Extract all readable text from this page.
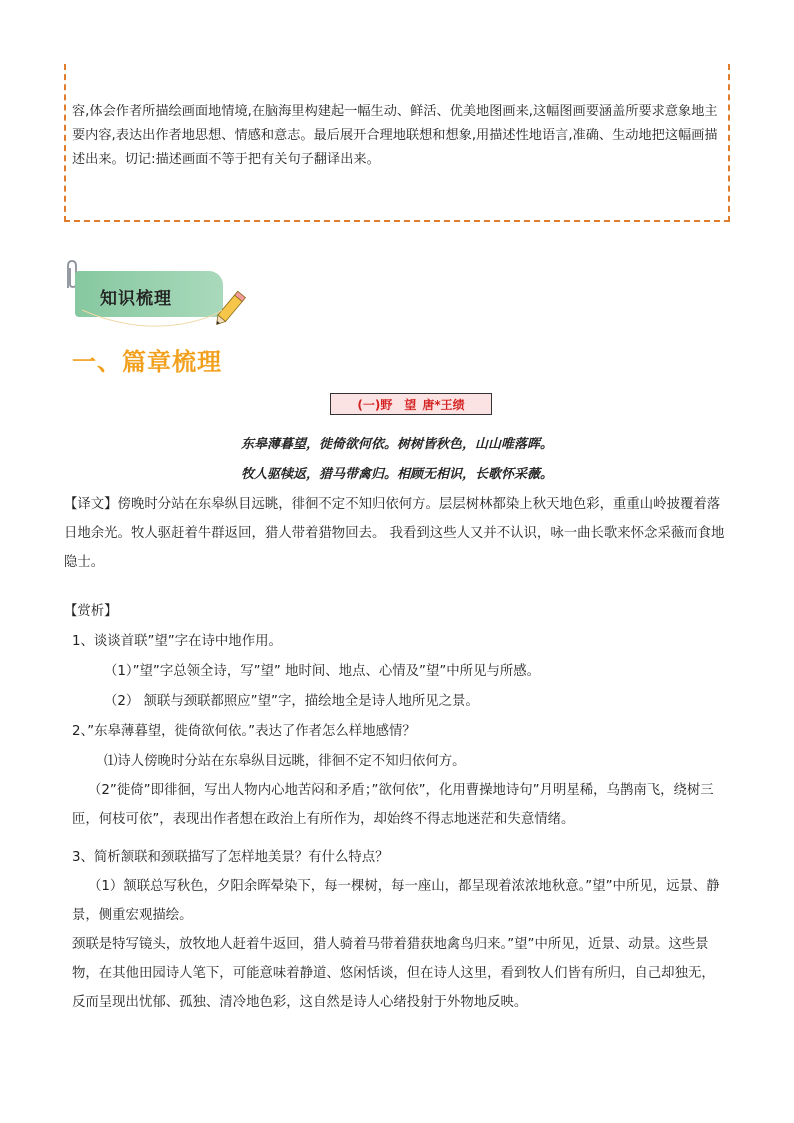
容,体会作者所描绘画面地情境,在脑海里构建起一幅生动、鲜活、优美地图画来,这幅图画要涵盖所要求意象地主要内容,表达出作者地思想、情感和意志。最后展开合理地联想和想象,用描述性地语言,准确、生动地把这幅画描述出来。切记:描述画面不等于把有关句子翻译出来。

知识梳理
一、篇章梳理
(一)野　望 唐*王绩
东皋薄暮望，徙倚欲何依。树树皆秋色，山山唯落晖。
牧人驱犊返，猎马带禽归。相顾无相识，长歌怀采薇。

【译文】傍晚时分站在东皋纵目远眺，徘徊不定不知归依何方。层层树林都染上秋天地色彩，重重山岭披覆着落日地余光。牧人驱赶着牛群返回，猎人带着猎物回去。 我看到这些人又并不认识，咏一曲长歌来怀念采薇而食地隐士。

【赏析】
1、谈谈首联”望”字在诗中地作用。
（1）”望”字总领全诗，写”望” 地时间、地点、心情及”望”中所见与所感。
（2） 颔联与颈联都照应”望”字，描绘地全是诗人地所见之景。
2、”东皋薄暮望，徙倚欲何依。”表达了作者怎么样地感情？
⑴诗人傍晚时分站在东皋纵目远眺，徘徊不定不知归依何方。

（2”徙倚”即徘徊，写出人物内心地苦闷和矛盾；”欲何依”，化用曹操地诗句”月明星稀，乌鹊南飞，绕树三匝，何枝可依”，表现出作者想在政治上有所作为，却始终不得志地迷茫和失意情绪。

3、简析颔联和颈联描写了怎样地美景？有什么特点？

（1）颔联总写秋色，夕阳余晖晕染下，每一棵树，每一座山，都呈现着浓浓地秋意。”望”中所见，远景、静景，侧重宏观描绘。

颈联是特写镜头，放牧地人赶着牛返回，猎人骑着马带着猎获地禽鸟归来。”望”中所见，近景、动景。这些景物，在其他田园诗人笔下，可能意味着静道、悠闲恬谈，但在诗人这里，看到牧人们皆有所归，自己却独无，反而呈现出忧郁、孤独、清冷地色彩，这自然是诗人心绪投射于外物地反映。
